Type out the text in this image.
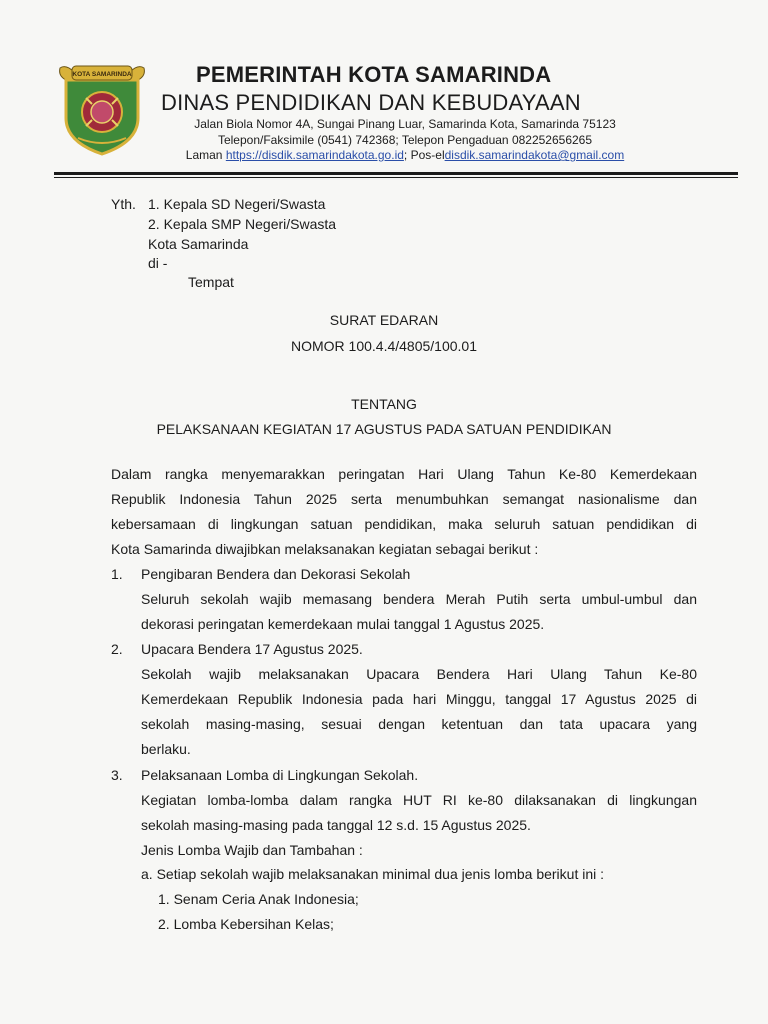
KOTA SAMARINDA	PEMERINTAH KOTA SAMARINDA
DINAS PENDIDIKAN DAN KEBUDAYAAN
Jalan Biola Nomor 4A, Sungai Pinang Luar, Samarinda Kota, Samarinda 75123
Telepon/Faksimile (0541) 742368; Telepon Pengaduan 082252656265
Laman https://disdik.samarindakota.go.id; Pos-eldisdik.samarindakota@gmail.com
Yth. 1. Kepala SD Negeri/Swasta
2. Kepala SMP Negeri/Swasta
Kota Samarinda
di -
Tempat
SURAT EDARAN
NOMOR 100.4.4/4805/100.01
TENTANG
PELAKSANAAN KEGIATAN 17 AGUSTUS PADA SATUAN PENDIDIKAN
Dalam rangka menyemarakkan peringatan Hari Ulang Tahun Ke-80 Kemerdekaan
Republik Indonesia Tahun 2025 serta menumbuhkan semangat nasionalisme dan
kebersamaan di lingkungan satuan pendidikan, maka seluruh satuan pendidikan di
Kota Samarinda diwajibkan melaksanakan kegiatan sebagai berikut :
1. Pengibaran Bendera dan Dekorasi Sekolah
Seluruh sekolah wajib memasang bendera Merah Putih serta umbul-umbul dan
dekorasi peringatan kemerdekaan mulai tanggal 1 Agustus 2025.
2. Upacara Bendera 17 Agustus 2025.
Sekolah wajib melaksanakan Upacara Bendera Hari Ulang Tahun Ke-80
Kemerdekaan Republik Indonesia pada hari Minggu, tanggal 17 Agustus 2025 di
sekolah masing-masing, sesuai dengan ketentuan dan tata upacara yang
berlaku.
3. Pelaksanaan Lomba di Lingkungan Sekolah.
Kegiatan lomba-lomba dalam rangka HUT RI ke-80 dilaksanakan di lingkungan
sekolah masing-masing pada tanggal 12 s.d. 15 Agustus 2025.
Jenis Lomba Wajib dan Tambahan :
a. Setiap sekolah wajib melaksanakan minimal dua jenis lomba berikut ini :
1. Senam Ceria Anak Indonesia;
2. Lomba Kebersihan Kelas;
